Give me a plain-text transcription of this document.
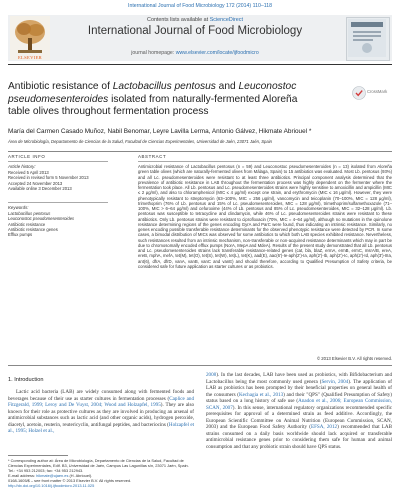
International Journal of Food Microbiology 172 (2014) 110–118
ELSEVIER
Contents lists available at ScienceDirect
International Journal of Food Microbiology
journal homepage: www.elsevier.com/locate/ijfoodmicro
Antibiotic resistance of Lactobacillus pentosus and Leuconostoc
pseudomesenteroides isolated from naturally-fermented Aloreña
table olives throughout fermentation process
CrossMark
María del Carmen Casado Muñoz, Nabil Benomar, Leyre Lavilla Lerma, Antonio Gálvez, Hikmate Abriouel *
Área de Microbiología, Departamento de Ciencias de la Salud, Facultad de Ciencias Experimentales, Universidad de Jaén, 23071 Jaén, Spain
ARTICLE INFO
Article history:
Received 5 April 2013
Received in revised form 5 November 2013
Accepted 24 November 2013
Available online 3 December 2013
Keywords:
Lactobacillus pentosus
Leuconostoc pseudomesenteroides
Antibiotic resistance
Antibiotic resistance genes
Efflux pumps
ABSTRACT
Antimicrobial resistance of Lactobacillus pentosus (n = 59) and Leuconostoc pseudomesenteroides (n = 13) isolated from Aloreña green table olives (which are naturally-fermented olives from Málaga, Spain) to 15 antibiotics was evaluated. Most Lb. pentosus (93%) and all Lc. pseudomesenteroides were resistant to at least three antibiotics. Principal component analysis determined that the prevalence of antibiotic resistance in LAB throughout the fermentation process was highly dependent on the fermenter where the fermentation took place. All Lb. pentosus and Lc. pseudomesenteroides strains were highly sensitive to amoxicillin and ampicillin (MIC ≤ 2 μg/ml), and also to chloramphenicol (MIC ≤ 4 μg/ml) except one strain, and erythromycin (MIC ≤ 16 μg/ml). However, they were phenotypically resistant to streptomycin (63–100%, MIC = 256 μg/ml), vancomycin and teicoplanin (70–100%, MIC = 128 μg/ml), trimethoprim (76% of Lb. pentosus and 15% of Lc. pseudomesenteroides, MIC = 128 μg/ml), trimethoprim/sulfamethoxazole (71–100%, MIC > 6–64 μg/ml) and cefuroxime (44% of Lb. pentosus and 85% of Lc. pseudomesenteroides, MIC = 32–128 μg/ml). Lb. pentosus was susceptible to tetracycline and clindamycin, while 46% of Lc. pseudomesenteroides strains were resistant to these antibiotics. Only Lb. pentosus strains were resistant to ciprofloxacin (70%, MIC = 4–64 μg/ml), although no mutations in the quinolone resistance determining regions of the genes encoding GyrA and ParC were found, thus indicating an intrinsic resistance. Similarly, no genes encoding possible transferable resistance determinants for the observed phenotypic resistance were detected by PCR. In some cases, a bimodal distribution of MICs was observed for some antibiotics to which both LAB species exhibited resistance. Nevertheless, such resistances resulted from an intrinsic mechanism, non-transferable or non-acquired resistance determinants which may in part be due to chromosomally encoded efflux pumps (NorA, MepA and MdeA). Results of the present study demonstrated that all Lb. pentosus and Lc. pseudomesenteroides strains lack transferable resistance-related genes (cat, bla, blaZ, ermA, ermB, ermC, msrA/B, ereA, ereB, mphA, mefA, tet(M), tet(O), tet(S), tet(W), tet(L), tet(K), aad(E), aac(6')-Ie-aph(2')-Ia, aph(2')-Ib, aph(2')-Ic, aph(2')-Id, aph(3')-IIIa, ant(6), dfrA, dfrD, vanA, vanB, vanC and vanE) and should therefore, according to Qualified Presumption of Safety criteria, be considered safe for future application as starter cultures or as probiotics.
© 2013 Elsevier B.V. All rights reserved.
1. Introduction
Lactic acid bacteria (LAB) are widely consumed along with fermented foods and beverages because of their use as starter cultures in fermentation processes (Caplice and Fitzgerald, 1999; Leroy and De Vuyst, 2004; Wood and Holzapfel, 1995). They are also known for their role as protective cultures as they are involved in producing an arsenal of antimicrobial substances such as lactic acid (and other organic acids), hydrogen peroxide, diacetyl, acetoin, reuterin, reutericyclin, antifungal peptides, and bacteriocins (Holzapfel et al., 1995; Holzel et al.,
2008). In the last decades, LAB have been used as probiotics, with Bifidobacterium and Lactobacillus being the most commonly used genera (Servin, 2004). The application of LAB as probiotics has been prompted by their beneficial properties on general health of the consumers (Kechagia et al., 2013) and their "QPS" (Qualified Presumption of Safety) status based on a long history of safe use (Anadon et al., 2006; European Commission, SCAN, 2007). In this sense, international regulatory organizations recommended specific prerequisites for approval of a determined strain as feed additive. Accordingly, the European Scientific Committee on Animal Nutrition (European Commission, SCAN, 2003) and the European Food Safety Authority (EFSA, 2012) recommended that LAB strains consumed on a daily basis worldwide should lack acquired or transferable antimicrobial resistance genes prior to considering them safe for human and animal consumption and that any probiotic strain should have QPS status.
* Corresponding author at: Área de Microbiología, Departamento de Ciencias de la Salud, Facultad de Ciencias Experimentales, Edif. B3, Universidad de Jaén, Campus Las Lagunillas s/n, 23071 Jaén, Spain. Tel.: +34 953 212003; fax: +34 953 212943.
E-mail address: hikmate@ujaen.es (H. Abriouel).
0168-1605/$ – see front matter © 2013 Elsevier B.V. All rights reserved.
http://dx.doi.org/10.1016/j.ijfoodmicro.2013.11.025
